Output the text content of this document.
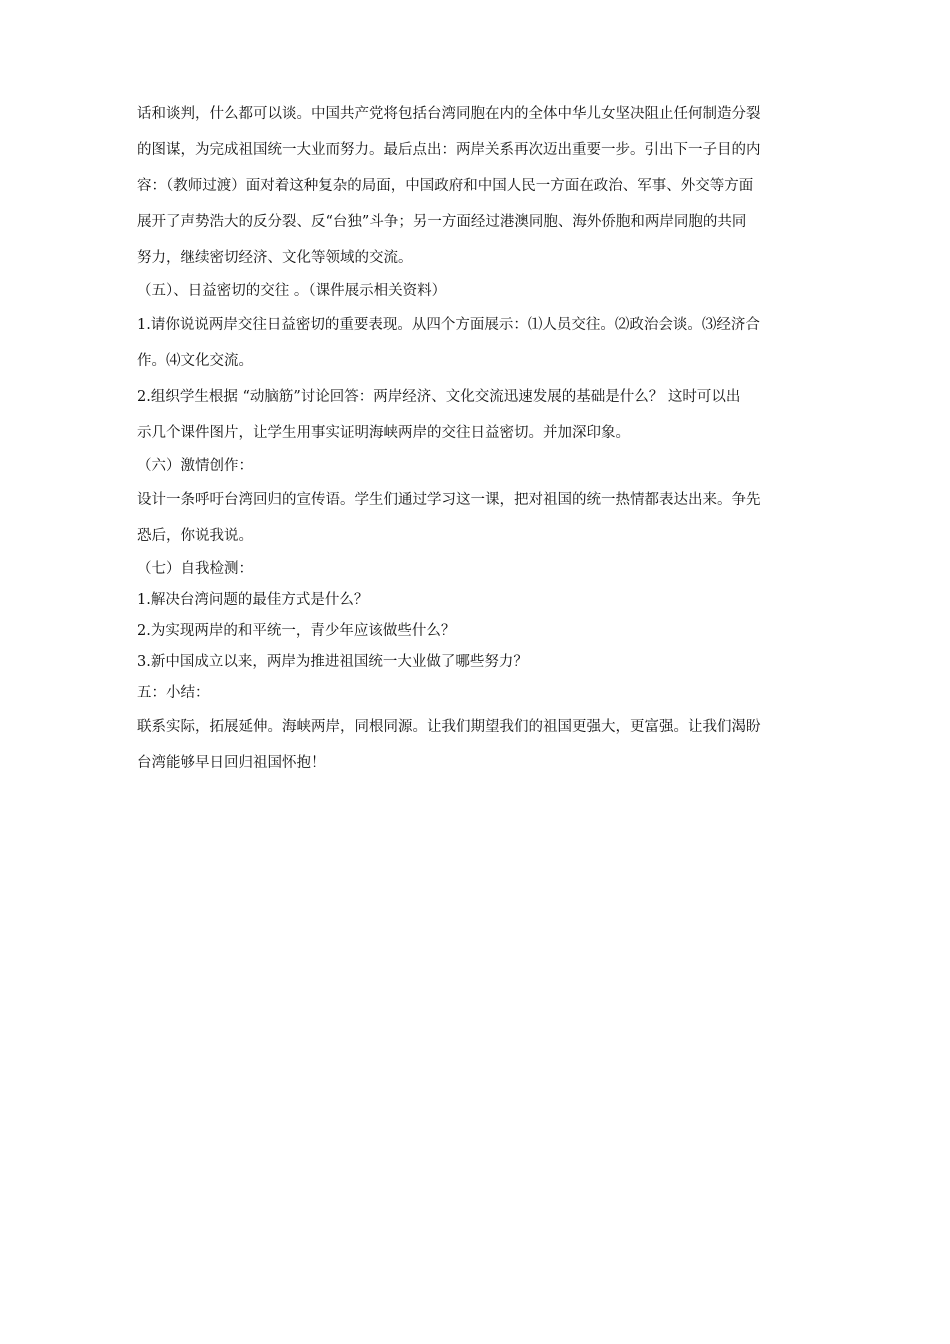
话和谈判，什么都可以谈。中国共产党将包括台湾同胞在内的全体中华儿女坚决阻止任何制造分裂

的图谋，为完成祖国统一大业而努力。最后点出：两岸关系再次迈出重要一步。引出下一子目的内

容：（教师过渡）面对着这种复杂的局面，中国政府和中国人民一方面在政治、军事、外交等方面

展开了声势浩大的反分裂、反“台独”斗争；另一方面经过港澳同胞、海外侨胞和两岸同胞的共同

努力，继续密切经济、文化等领域的交流。

（五）、日益密切的交往 。（课件展示相关资料）

1.请你说说两岸交往日益密切的重要表现。从四个方面展示：⑴人员交往。⑵政治会谈。⑶经济合

作。⑷文化交流。

2.组织学生根据 “动脑筋”讨论回答：两岸经济、文化交流迅速发展的基础是什么？ 这时可以出

示几个课件图片，让学生用事实证明海峡两岸的交往日益密切。并加深印象。

（六）激情创作：

设计一条呼吁台湾回归的宣传语。学生们通过学习这一课，把对祖国的统一热情都表达出来。争先

恐后，你说我说。

（七）自我检测：

1.解决台湾问题的最佳方式是什么？

2.为实现两岸的和平统一，青少年应该做些什么？

3.新中国成立以来，两岸为推进祖国统一大业做了哪些努力？

五：小结：

联系实际，拓展延伸。海峡两岸，同根同源。让我们期望我们的祖国更强大，更富强。让我们渴盼

台湾能够早日回归祖国怀抱！
